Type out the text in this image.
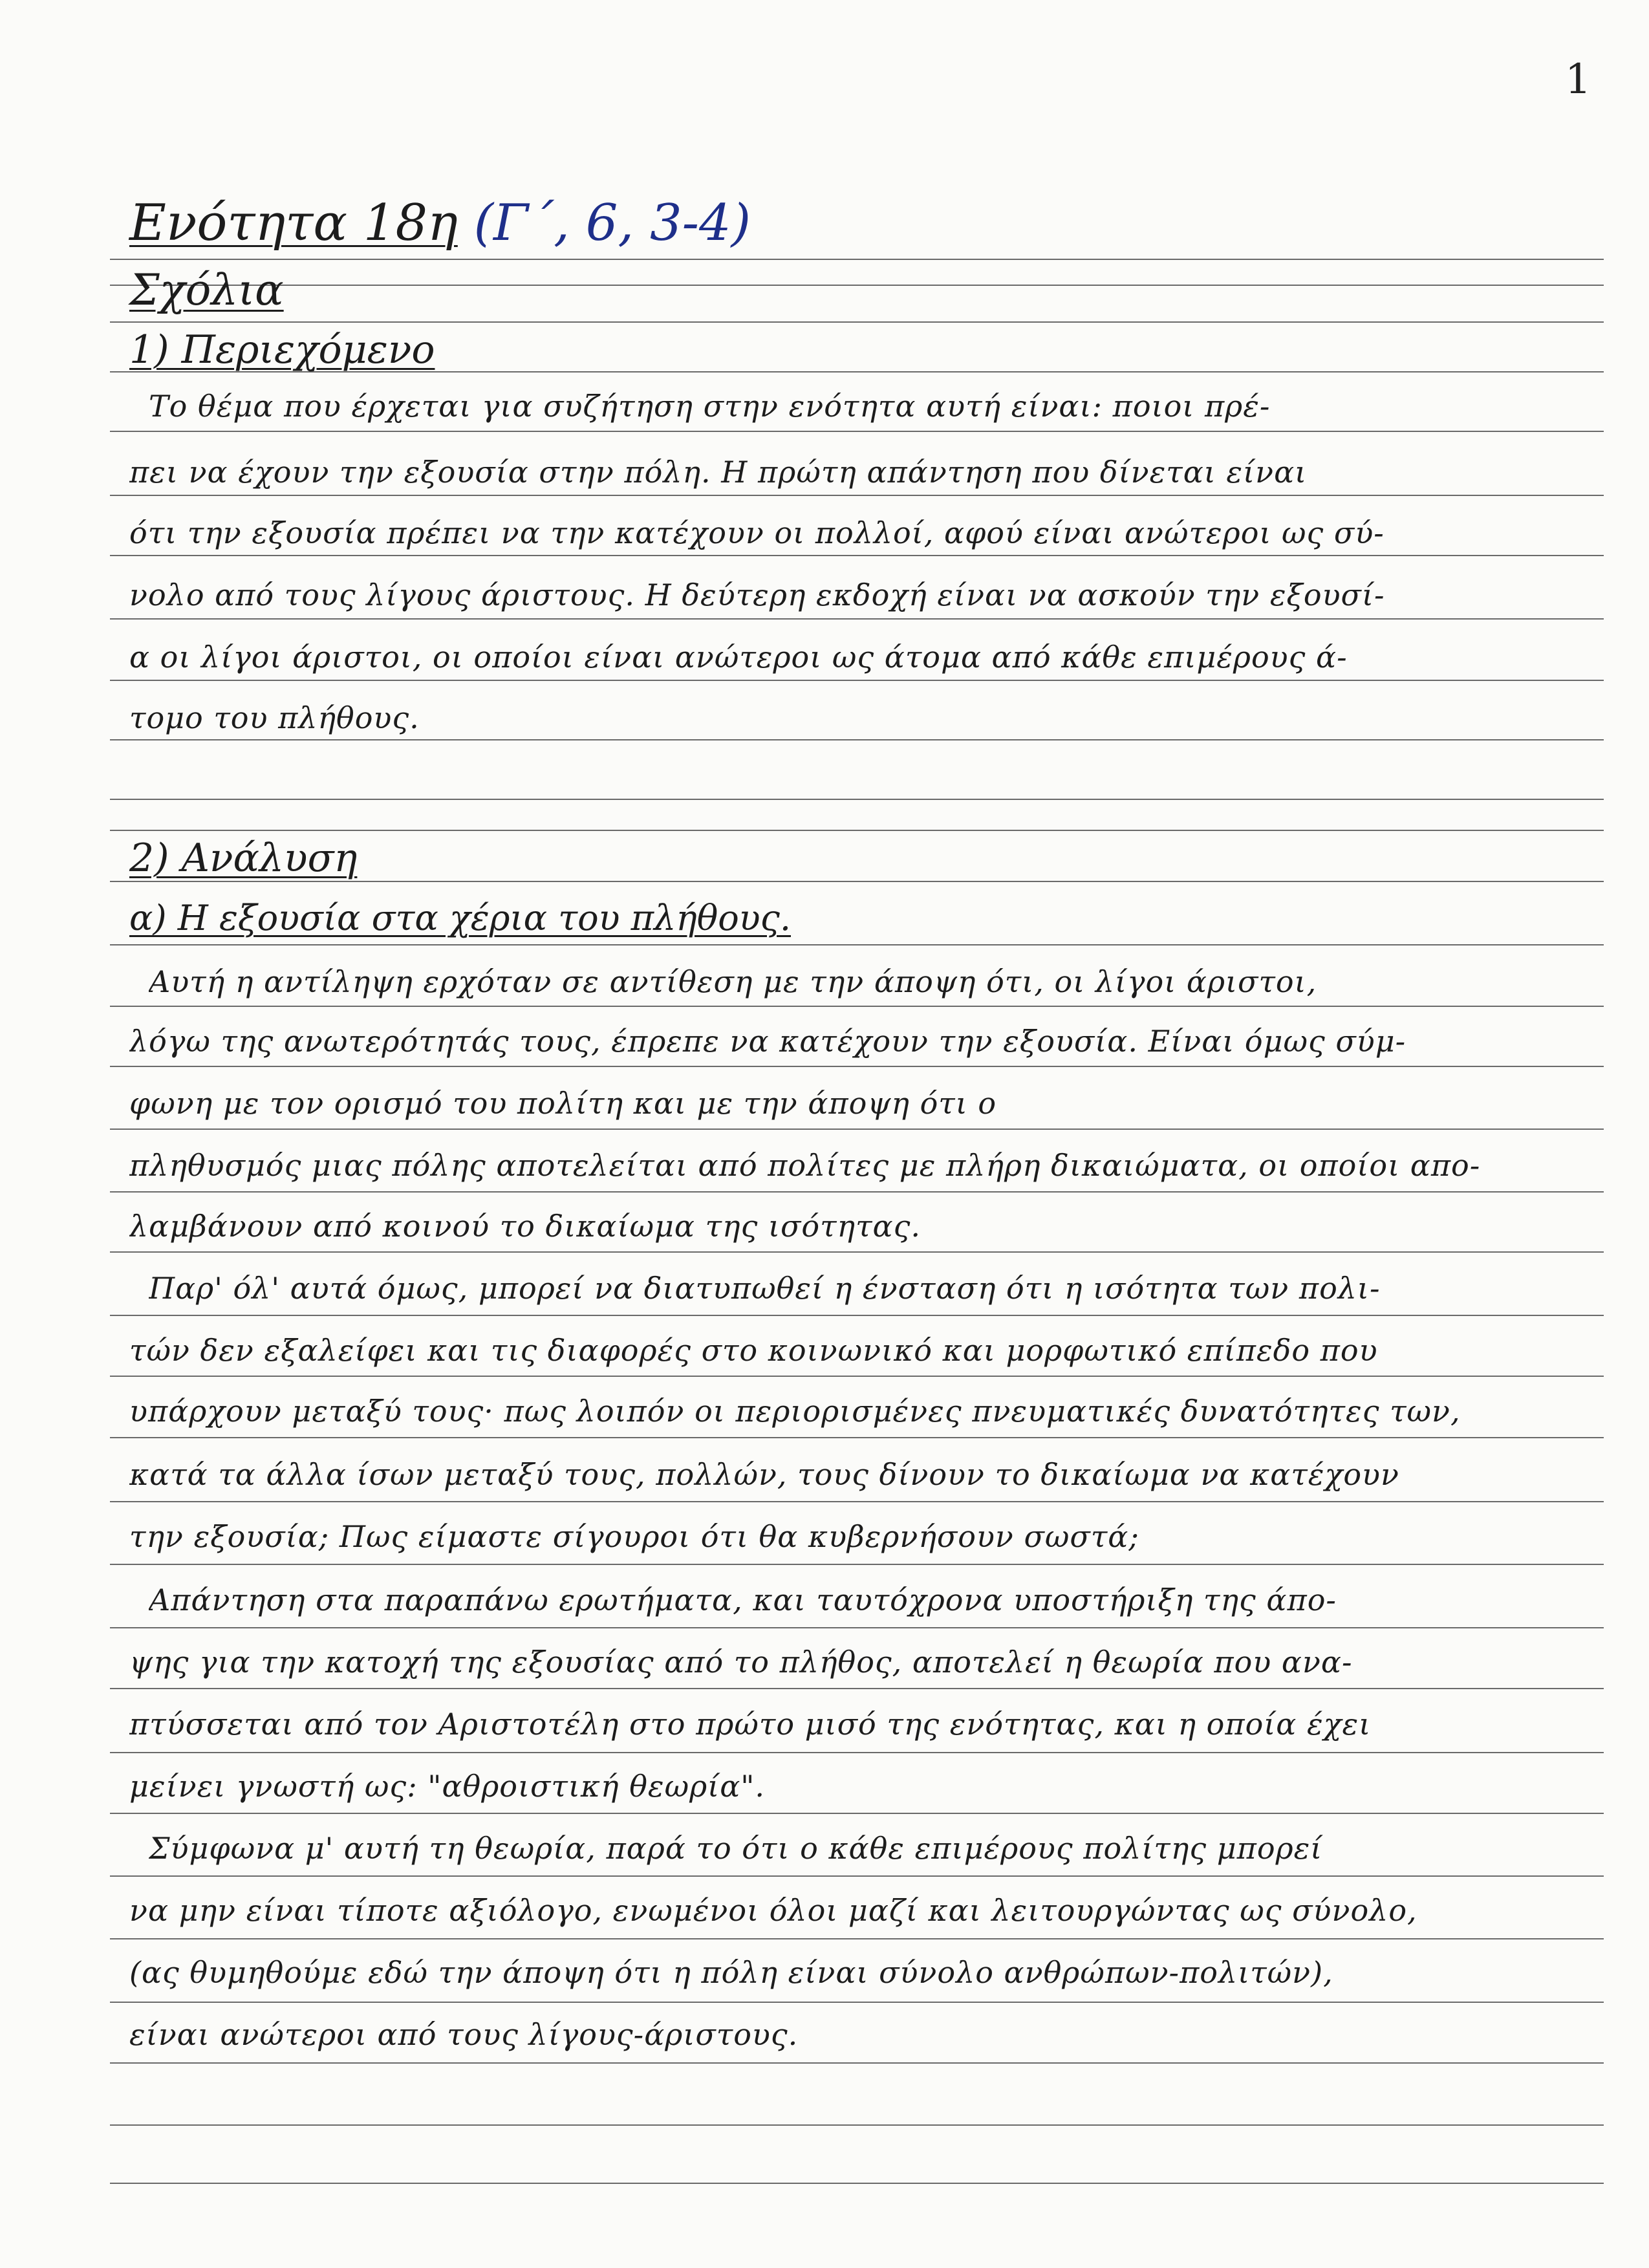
1
Ενότητα 18η (Γ΄, 6, 3-4)
Σχόλια
1) Περιεχόμενο
Το θέμα που έρχεται για συζήτηση στην ενότητα αυτή είναι: ποιοι πρέ-
πει να έχουν την εξουσία στην πόλη. Η πρώτη απάντηση που δίνεται είναι
ότι την εξουσία πρέπει να την κατέχουν οι πολλοί, αφού είναι ανώτεροι ως σύ-
νολο από τους λίγους άριστους. Η δεύτερη εκδοχή είναι να ασκούν την εξουσί-
α οι λίγοι άριστοι, οι οποίοι είναι ανώτεροι ως άτομα από κάθε επιμέρους ά-
τομο του πλήθους.
2) Ανάλυση
α) Η εξουσία στα χέρια του πλήθους.
Αυτή η αντίληψη ερχόταν σε αντίθεση με την άποψη ότι, οι λίγοι άριστοι,
λόγω της ανωτερότητάς τους, έπρεπε να κατέχουν την εξουσία. Είναι όμως σύμ-
φωνη με τον ορισμό του πολίτη και με την άποψη ότι ο
πληθυσμός μιας πόλης αποτελείται από πολίτες με πλήρη δικαιώματα, οι οποίοι απο-
λαμβάνουν από κοινού το δικαίωμα της ισότητας.
Παρ' όλ' αυτά όμως, μπορεί να διατυπωθεί η ένσταση ότι η ισότητα των πολι-
τών δεν εξαλείφει και τις διαφορές στο κοινωνικό και μορφωτικό επίπεδο που
υπάρχουν μεταξύ τους· πως λοιπόν οι περιορισμένες πνευματικές δυνατότητες των,
κατά τα άλλα ίσων μεταξύ τους, πολλών, τους δίνουν το δικαίωμα να κατέχουν
την εξουσία; Πως είμαστε σίγουροι ότι θα κυβερνήσουν σωστά;
Απάντηση στα παραπάνω ερωτήματα, και ταυτόχρονα υποστήριξη της άπο-
ψης για την κατοχή της εξουσίας από το πλήθος, αποτελεί η θεωρία που ανα-
πτύσσεται από τον Αριστοτέλη στο πρώτο μισό της ενότητας, και η οποία έχει
μείνει γνωστή ως: "αθροιστική θεωρία".
Σύμφωνα μ' αυτή τη θεωρία, παρά το ότι ο κάθε επιμέρους πολίτης μπορεί
να μην είναι τίποτε αξιόλογο, ενωμένοι όλοι μαζί και λειτουργώντας ως σύνολο,
(ας θυμηθούμε εδώ την άποψη ότι η πόλη είναι σύνολο ανθρώπων-πολιτών),
είναι ανώτεροι από τους λίγους-άριστους.
